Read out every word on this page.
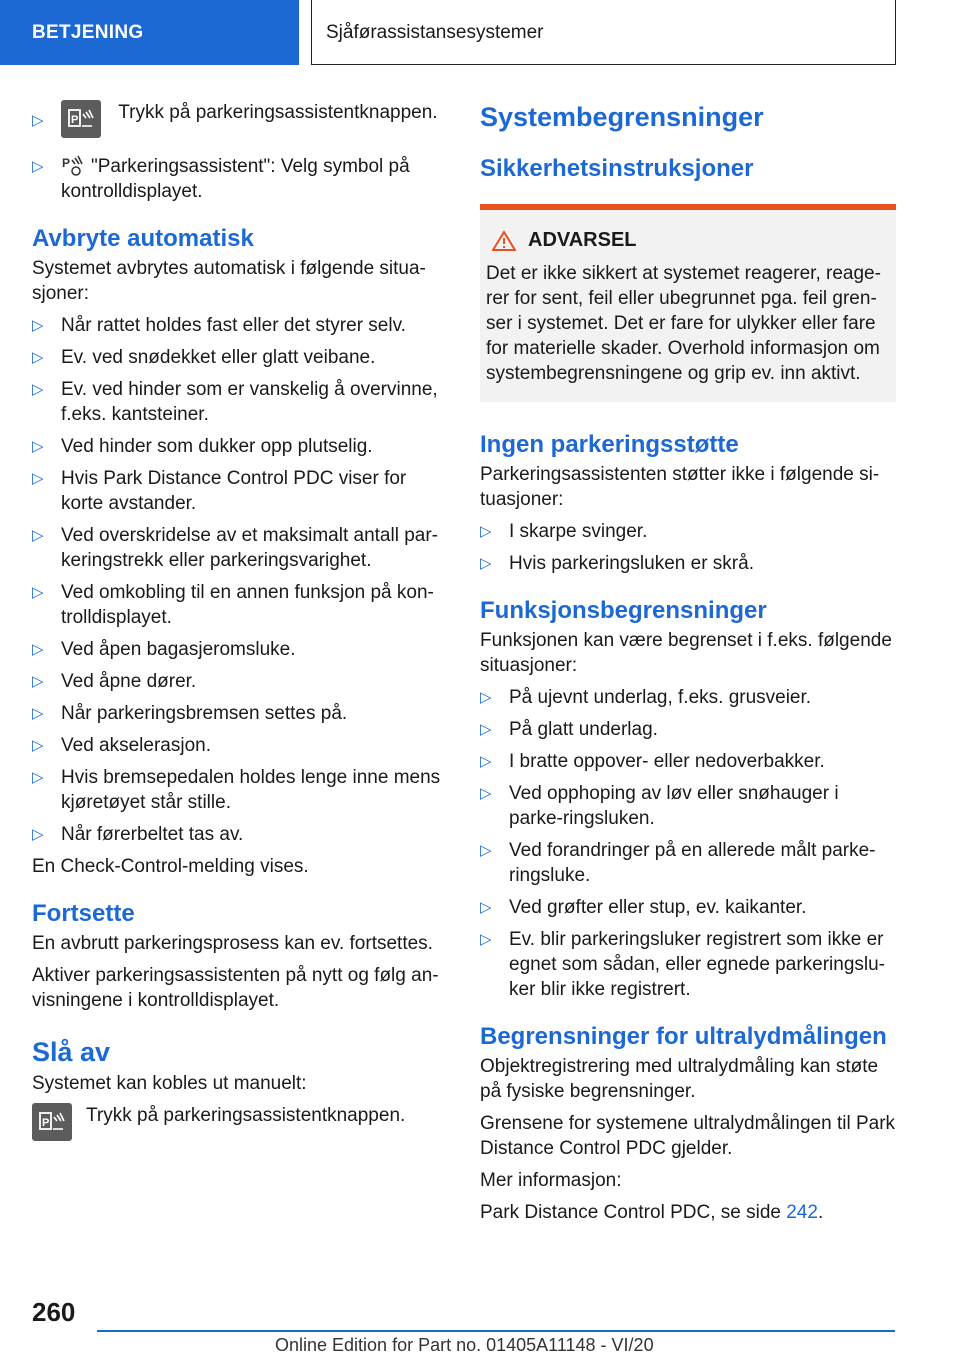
BETJENING	Sjåførassistansesystemer
▷ P Trykk på parkeringsassistentknappen.
▷ P "Parkeringsassistent": Velg symbol på kontrolldisplayet.
Avbryte automatisk

Systemet avbrytes automatisk i følgende situa-sjoner:

▷ Når rattet holdes fast eller det styrer selv.
▷ Ev. ved snødekket eller glatt veibane.
▷ Ev. ved hinder som er vanskelig å overvinne, f.eks. kantsteiner.
▷ Ved hinder som dukker opp plutselig.
▷ Hvis Park Distance Control PDC viser for korte avstander.
▷ Ved overskridelse av et maksimalt antall par-keringstrekk eller parkeringsvarighet.
▷ Ved omkobling til en annen funksjon på kon-trolldisplayet.
▷ Ved åpen bagasjeromsluke.
▷ Ved åpne dører.
▷ Når parkeringsbremsen settes på.
▷ Ved akselerasjon.
▷ Hvis bremsepedalen holdes lenge inne mens kjøretøyet står stille.
▷ Når førerbeltet tas av.

En Check-Control-melding vises.

Fortsette

En avbrutt parkeringsprosess kan ev. fortsettes.

Aktiver parkeringsassistenten på nytt og følg an-visningene i kontrolldisplayet.

Slå av

Systemet kan kobles ut manuelt:

P Trykk på parkeringsassistentknappen.
Systembegrensninger
Sikkerhetsinstruksjoner
ADVARSEL

Det er ikke sikkert at systemet reagerer, reage-rer for sent, feil eller ubegrunnet pga. feil gren-ser i systemet. Det er fare for ulykker eller fare for materielle skader. Overhold informasjon om systembegrensningene og grip ev. inn aktivt.

Ingen parkeringsstøtte

Parkeringsassistenten støtter ikke i følgende si-tuasjoner:

▷ I skarpe svinger.
▷ Hvis parkeringsluken er skrå.
Funksjonsbegrensninger

Funksjonen kan være begrenset i f.eks. følgende situasjoner:

▷ På ujevnt underlag, f.eks. grusveier.
▷ På glatt underlag.
▷ I bratte oppover- eller nedoverbakker.
▷ Ved opphoping av løv eller snøhauger i parke-ringsluken.
▷ Ved forandringer på en allerede målt parke-ringsluke.
▷ Ved grøfter eller stup, ev. kaikanter.
▷ Ev. blir parkeringsluker registrert som ikke er egnet som sådan, eller egnede parkeringslu-ker blir ikke registrert.
Begrensninger for ultralydmålingen

Objektregistrering med ultralydmåling kan støte på fysiske begrensninger.

Grensene for systemene ultralydmålingen til Park Distance Control PDC gjelder.

Mer informasjon:

Park Distance Control PDC, se side 242.

260
Online Edition for Part no. 01405A11148 - VI/20
